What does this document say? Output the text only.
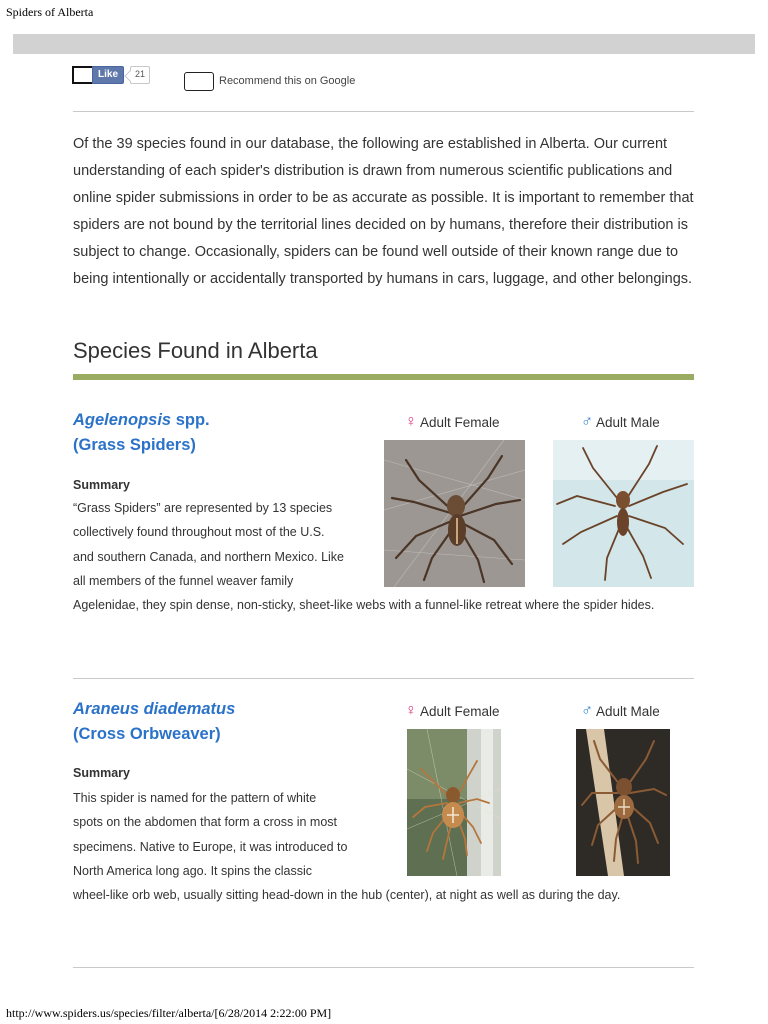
Spiders of Alberta
Like	21
Recommend this on Google

Of the 39 species found in our database, the following are established in Alberta. Our current understanding of each spider's distribution is drawn from numerous scientific publications and online spider submissions in order to be as accurate as possible. It is important to remember that spiders are not bound by the territorial lines decided on by humans, therefore their distribution is subject to change. Occasionally, spiders can be found well outside of their known range due to being intentionally or accidentally transported by humans in cars, luggage, and other belongings.

Species Found in Alberta
Agelenopsis spp.
(Grass Spiders)
♀ Adult Female	♂ Adult Male
Summary
“Grass Spiders” are represented by 13 species collectively found throughout most of the U.S. and southern Canada, and northern Mexico. Like all members of the funnel weaver family Agelenidae, they spin dense, non-sticky, sheet-like webs with a funnel-like retreat where the spider hides.
Araneus diadematus
(Cross Orbweaver)
♀ Adult Female	♂ Adult Male
Summary
This spider is named for the pattern of white spots on the abdomen that form a cross in most specimens. Native to Europe, it was introduced to North America long ago. It spins the classic wheel-like orb web, usually sitting head-down in the hub (center), at night as well as during the day.
http://www.spiders.us/species/filter/alberta/[6/28/2014 2:22:00 PM]
